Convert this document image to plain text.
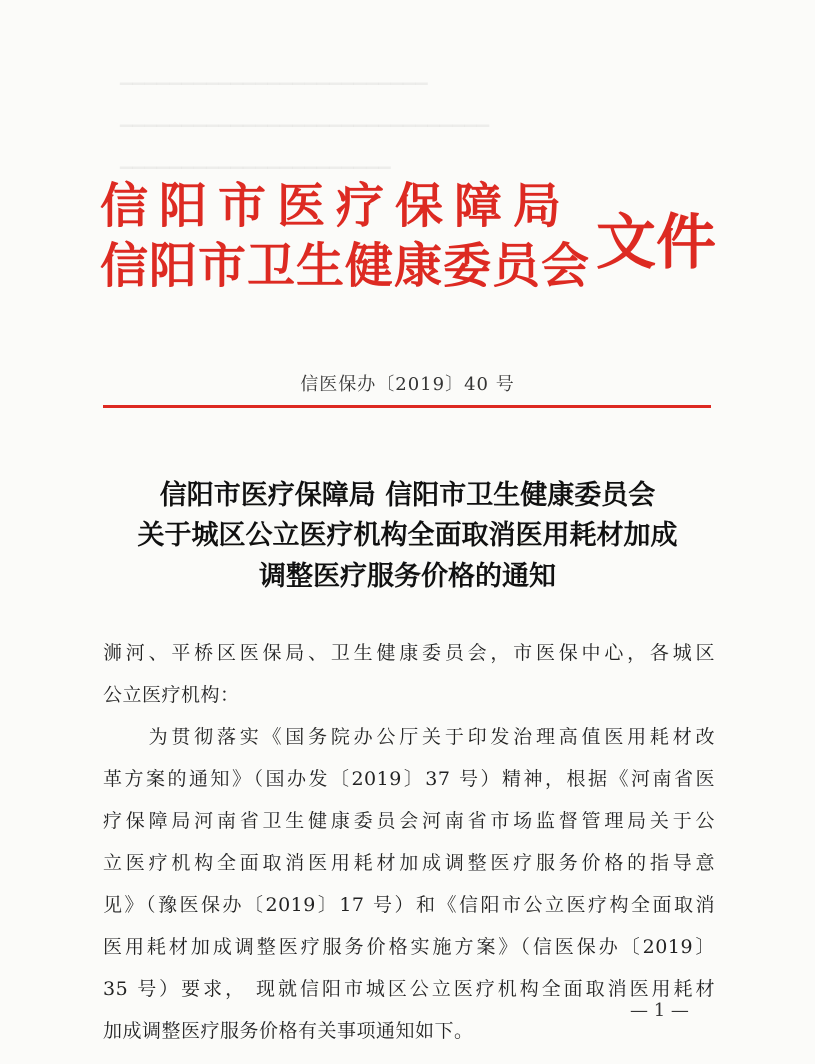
▁▁▁▁▁▁▁▁▁▁▁▁▁▁▁▁▁▁▁▁▁▁▁▁▁
▁▁▁▁▁▁▁▁▁▁▁▁▁▁▁▁▁▁▁▁▁▁▁▁▁▁▁▁▁▁
▁▁▁▁▁▁▁▁▁▁▁▁▁▁▁▁▁▁▁▁▁▁
信阳市医疗保障局
信阳市卫生健康委员会 文件
信医保办〔2019〕40 号
信阳市医疗保障局 信阳市卫生健康委员会
关于城区公立医疗机构全面取消医用耗材加成
调整医疗服务价格的通知
浉河、平桥区医保局、卫生健康委员会，市医保中心，各城区
公立医疗机构：
　　为贯彻落实《国务院办公厅关于印发治理高值医用耗材改
革方案的通知》（国办发〔2019〕37 号）精神，根据《河南省医
疗保障局河南省卫生健康委员会河南省市场监督管理局关于公
立医疗机构全面取消医用耗材加成调整医疗服务价格的指导意
见》（豫医保办〔2019〕17 号）和《信阳市公立医疗构全面取消
医用耗材加成调整医疗服务价格实施方案》（信医保办〔2019〕
35 号）要求， 现就信阳市城区公立医疗机构全面取消医用耗材
加成调整医疗服务价格有关事项通知如下。
— 1 —
